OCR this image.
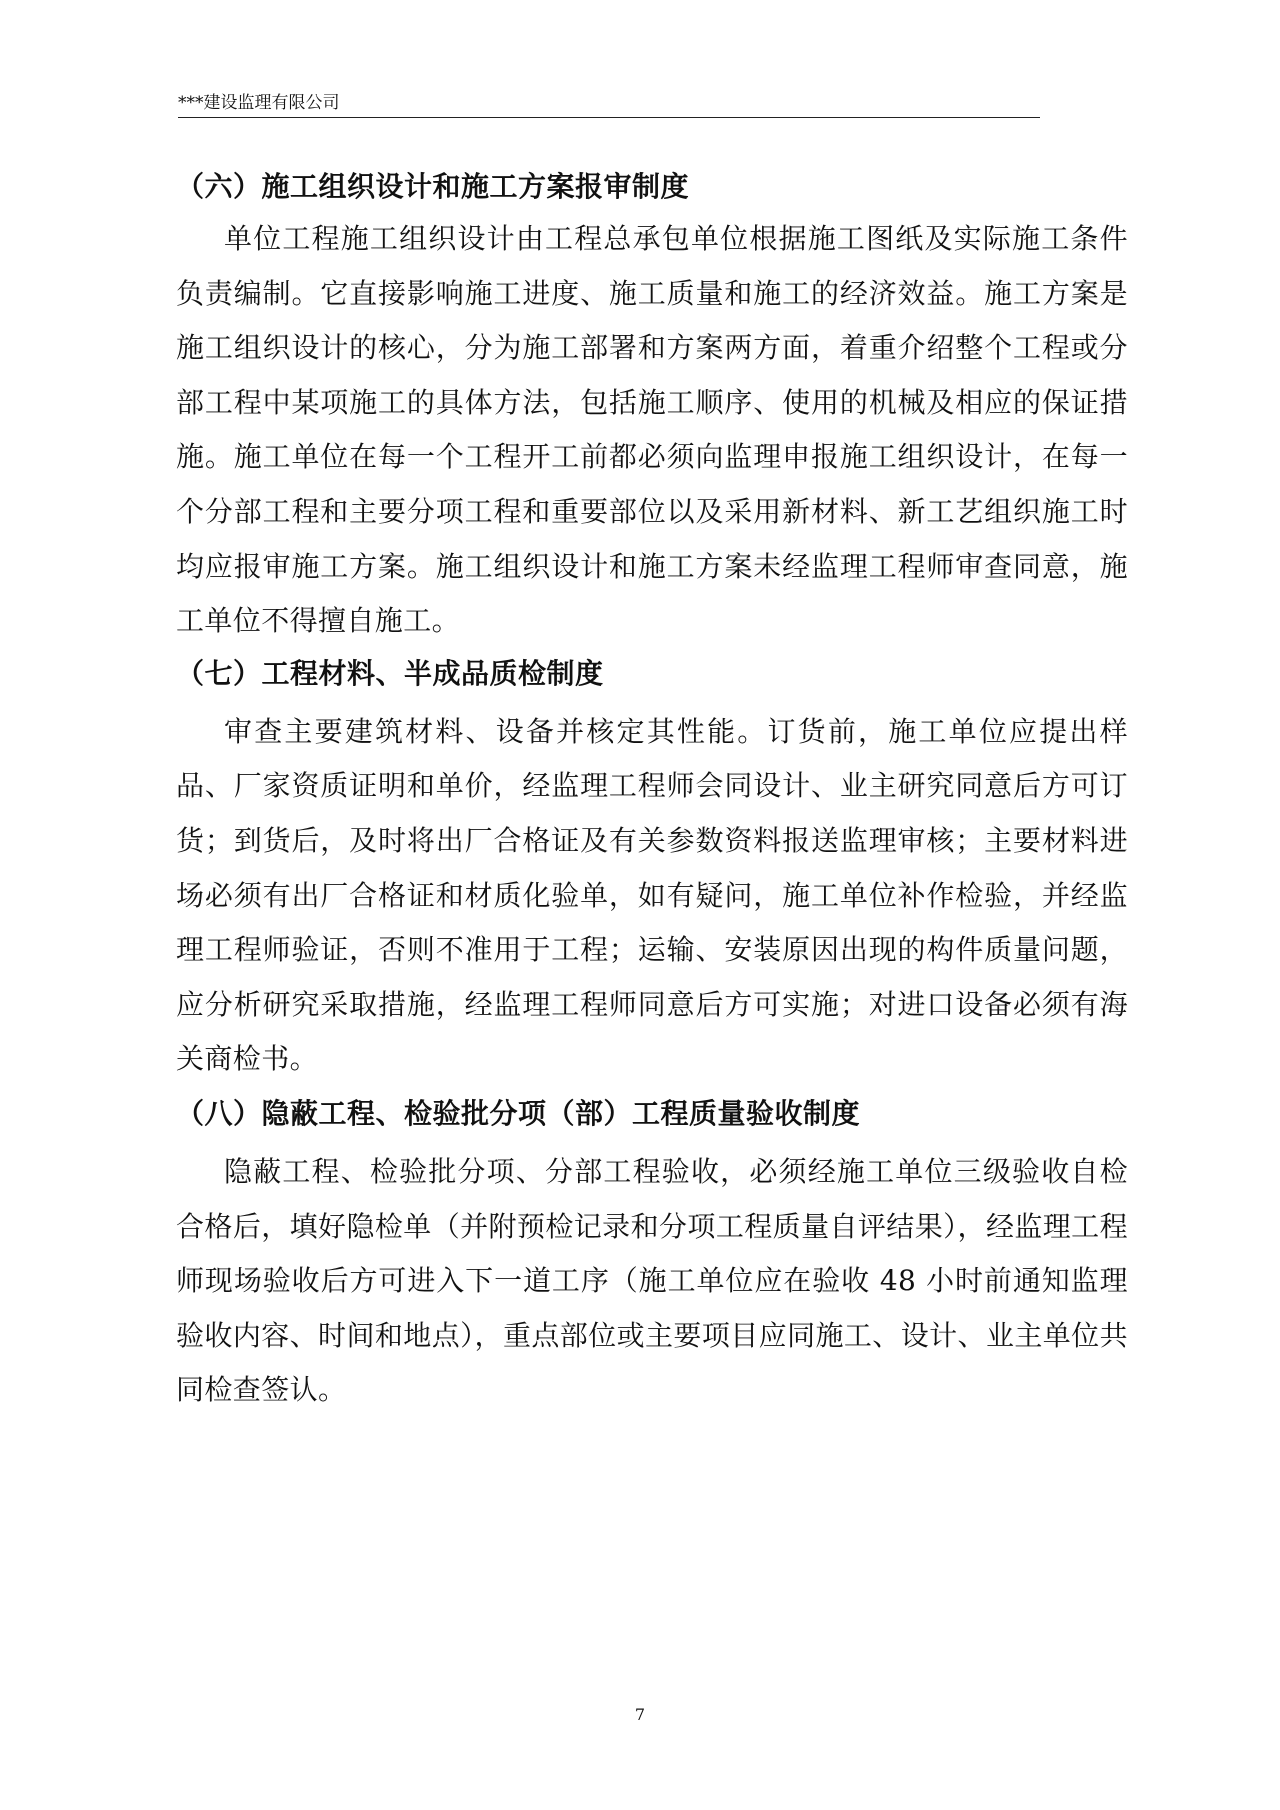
***建设监理有限公司
（六）施工组织设计和施工方案报审制度

单位工程施工组织设计由工程总承包单位根据施工图纸及实际施工条件负责编制。它直接影响施工进度、施工质量和施工的经济效益。施工方案是施工组织设计的核心，分为施工部署和方案两方面，着重介绍整个工程或分部工程中某项施工的具体方法，包括施工顺序、使用的机械及相应的保证措施。施工单位在每一个工程开工前都必须向监理申报施工组织设计，在每一个分部工程和主要分项工程和重要部位以及采用新材料、新工艺组织施工时均应报审施工方案。施工组织设计和施工方案未经监理工程师审查同意，施工单位不得擅自施工。

（七）工程材料、半成品质检制度

审查主要建筑材料、设备并核定其性能。订货前，施工单位应提出样品、厂家资质证明和单价，经监理工程师会同设计、业主研究同意后方可订货；到货后，及时将出厂合格证及有关参数资料报送监理审核；主要材料进场必须有出厂合格证和材质化验单，如有疑问，施工单位补作检验，并经监理工程师验证，否则不准用于工程；运输、安装原因出现的构件质量问题，应分析研究采取措施，经监理工程师同意后方可实施；对进口设备必须有海关商检书。

（八）隐蔽工程、检验批分项（部）工程质量验收制度

隐蔽工程、检验批分项、分部工程验收，必须经施工单位三级验收自检合格后，填好隐检单（并附预检记录和分项工程质量自评结果），经监理工程师现场验收后方可进入下一道工序（施工单位应在验收 48 小时前通知监理验收内容、时间和地点），重点部位或主要项目应同施工、设计、业主单位共同检查签认。

7
